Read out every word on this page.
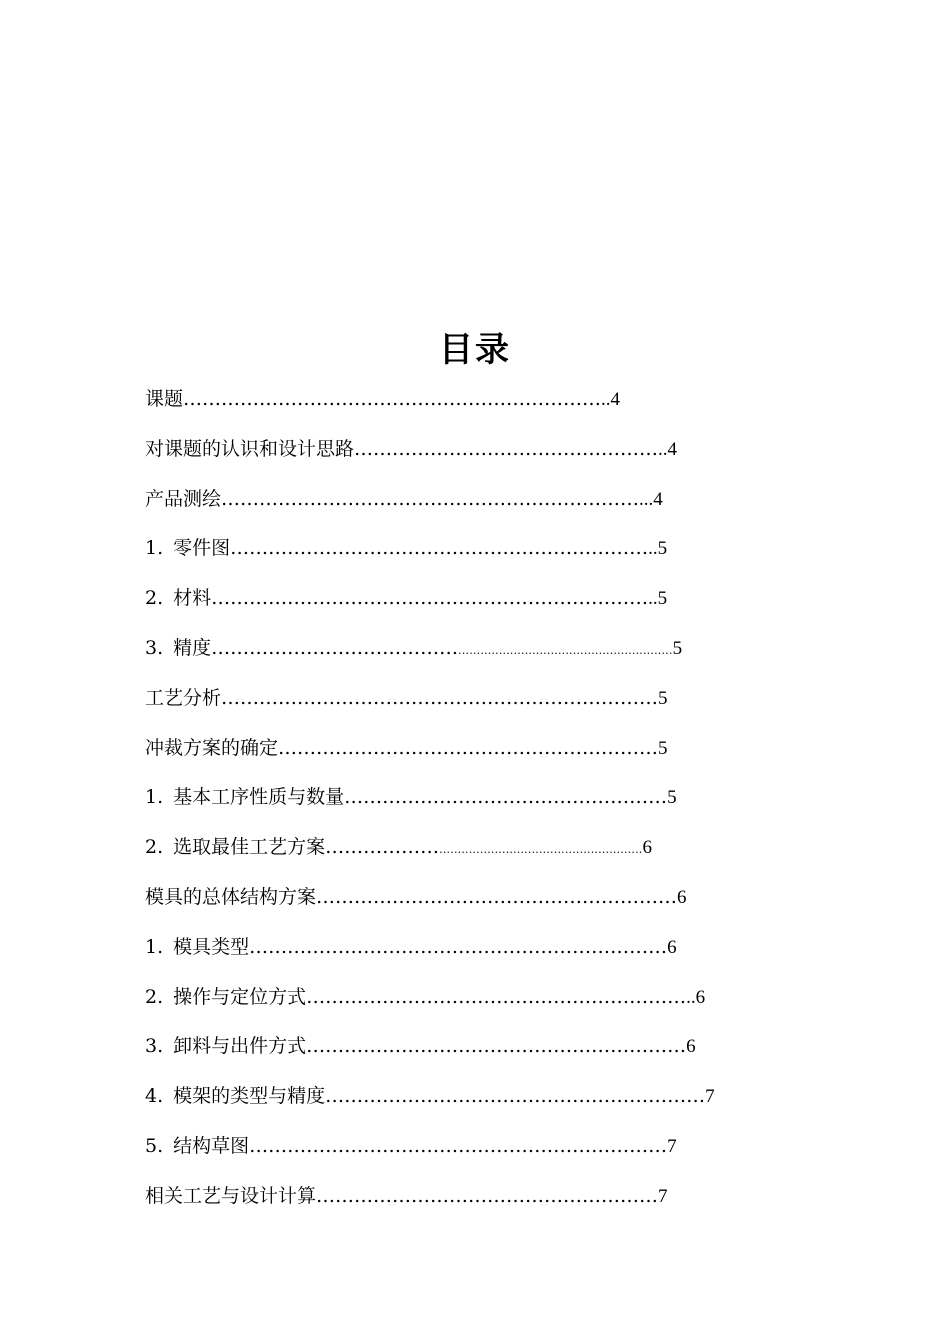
目录
课题…………………………………………………………..4
对课题的认识和设计思路…………………………………………..4
产品测绘…………………………………………………………...4
1. 零件图…………………………………………………………..5
2. 材料……………………………………………………………..5
3. 精度…………………………………..........................................................5
工艺分析……………………………………………………………5
冲裁方案的确定……………………………………………………5
1. 基本工序性质与数量……………………………………………5
2. 选取最佳工艺方案……………….......................................................6
模具的总体结构方案…………………………………………………6
1. 模具类型…………………………………………………………6
2. 操作与定位方式……………………………………………………..6
3. 卸料与出件方式……………………………………………………6
4. 模架的类型与精度……………………………………………………7
5. 结构草图…………………………………………………………7
相关工艺与设计计算………………………………………………7
